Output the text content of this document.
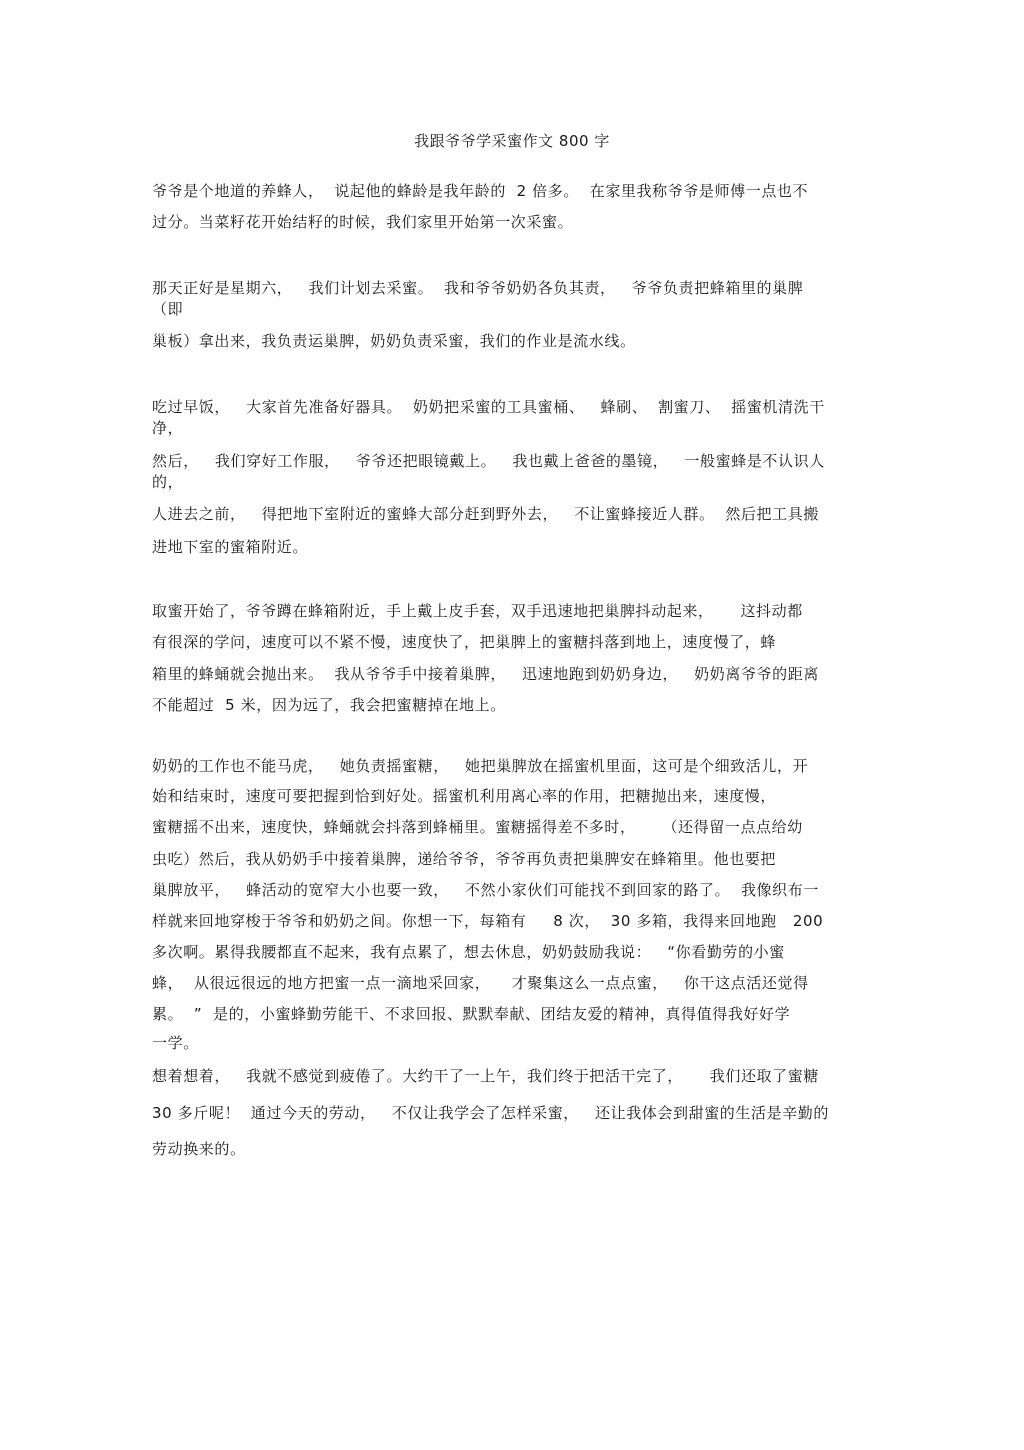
我跟爷爷学采蜜作文 800 字
爷爷是个地道的养蜂人，  说起他的蜂龄是我年龄的  2 倍多。  在家里我称爷爷是师傅一点也不
过分。当菜籽花开始结籽的时候，我们家里开始第一次采蜜。
那天正好是星期六，   我们计划去采蜜。  我和爷爷奶奶各负其责，   爷爷负责把蜂箱里的巢脾
（即
巢板）拿出来，我负责运巢脾，奶奶负责采蜜，我们的作业是流水线。
吃过早饭，   大家首先准备好器具。  奶奶把采蜜的工具蜜桶、   蜂刷、  割蜜刀、  摇蜜机清洗干
净，
然后，   我们穿好工作服，   爷爷还把眼镜戴上。   我也戴上爸爸的墨镜，   一般蜜蜂是不认识人
的，
人进去之前，   得把地下室附近的蜜蜂大部分赶到野外去，   不让蜜蜂接近人群。  然后把工具搬
进地下室的蜜箱附近。
取蜜开始了，爷爷蹲在蜂箱附近，手上戴上皮手套，双手迅速地把巢脾抖动起来，     这抖动都
有很深的学问，速度可以不紧不慢，速度快了，把巢脾上的蜜糖抖落到地上，速度慢了，蜂
箱里的蜂蛹就会抛出来。  我从爷爷手中接着巢脾，   迅速地跑到奶奶身边，   奶奶离爷爷的距离
不能超过  5 米，因为远了，我会把蜜糖掉在地上。
奶奶的工作也不能马虎，   她负责摇蜜糖，   她把巢脾放在摇蜜机里面，这可是个细致活儿，开
始和结束时，速度可要把握到恰到好处。摇蜜机利用离心率的作用，把糖抛出来，速度慢，
蜜糖摇不出来，速度快，蜂蛹就会抖落到蜂桶里。蜜糖摇得差不多时，     （还得留一点点给幼
虫吃）然后，我从奶奶手中接着巢脾，递给爷爷，爷爷再负责把巢脾安在蜂箱里。他也要把
巢脾放平，   蜂活动的宽窄大小也要一致，   不然小家伙们可能找不到回家的路了。  我像织布一
样就来回地穿梭于爷爷和奶奶之间。你想一下，每箱有     8 次，  30 多箱，我得来回地跑   200
多次啊。累得我腰都直不起来，我有点累了，想去休息，奶奶鼓励我说：   “你看勤劳的小蜜
蜂，  从很远很远的地方把蜜一点一滴地采回家，    才聚集这么一点点蜜，   你干这点活还觉得
累。  ”  是的，小蜜蜂勤劳能干、不求回报、默默奉献、团结友爱的精神，真得值得我好好学
一学。
想着想着，   我就不感觉到疲倦了。大约干了一上午，我们终于把活干完了，     我们还取了蜜糖
30 多斤呢！  通过今天的劳动，   不仅让我学会了怎样采蜜，   还让我体会到甜蜜的生活是辛勤的
劳动换来的。
